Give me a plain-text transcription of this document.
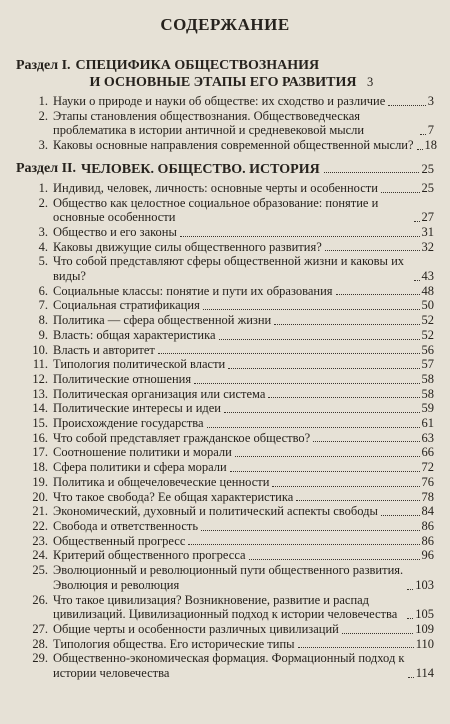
СОДЕРЖАНИЕ
Раздел I. СПЕЦИФИКА ОБЩЕСТВОЗНАНИЯ
И ОСНОВНЫЕ ЭТАПЫ ЕГО РАЗВИТИЯ 3
1. Науки о природе и науки об обществе: их сходство и различие	3
2. Этапы становления обществознания. Обществоведческая проблематика в истории античной и средневековой мысли	7
3. Каковы основные направления современной общественной мысли? 18
Раздел II. ЧЕЛОВЕК. ОБЩЕСТВО. ИСТОРИЯ	25
1. Индивид, человек, личность: основные черты и особенности	25
2. Общество как целостное социальное образование: понятие и основные особенности	27
3. Общество и его законы	31
4. Каковы движущие силы общественного развития?	32
5. Что собой представляют сферы общественной жизни и каковы их виды?	43
6. Социальные классы: понятие и пути их образования	48
7. Социальная стратификация	50
8. Политика — сфера общественной жизни	52
9. Власть: общая характеристика	52
10. Власть и авторитет	56
11. Типология политической власти	57
12. Политические отношения	58
13. Политическая организация или система	58
14. Политические интересы и идеи	59
15. Происхождение государства	61
16. Что собой представляет гражданское общество?	63
17. Соотношение политики и морали	66
18. Сфера политики и сфера морали	72
19. Политика и общечеловеческие ценности	76
20. Что такое свобода? Ее общая характеристика	78
21. Экономический, духовный и политический аспекты свободы	84
22. Свобода и ответственность	86
23. Общественный прогресс	86
24. Критерий общественного прогресса	96
25. Эволюционный и революционный пути общественного развития. Эволюция и революция	103
26. Что такое цивилизация? Возникновение, развитие и распад цивилизаций. Цивилизационный подход к истории человечества	105
27. Общие черты и особенности различных цивилизаций	109
28. Типология общества. Его исторические типы	110
29. Общественно-экономическая формация. Формационный подход к истории человечества	114
